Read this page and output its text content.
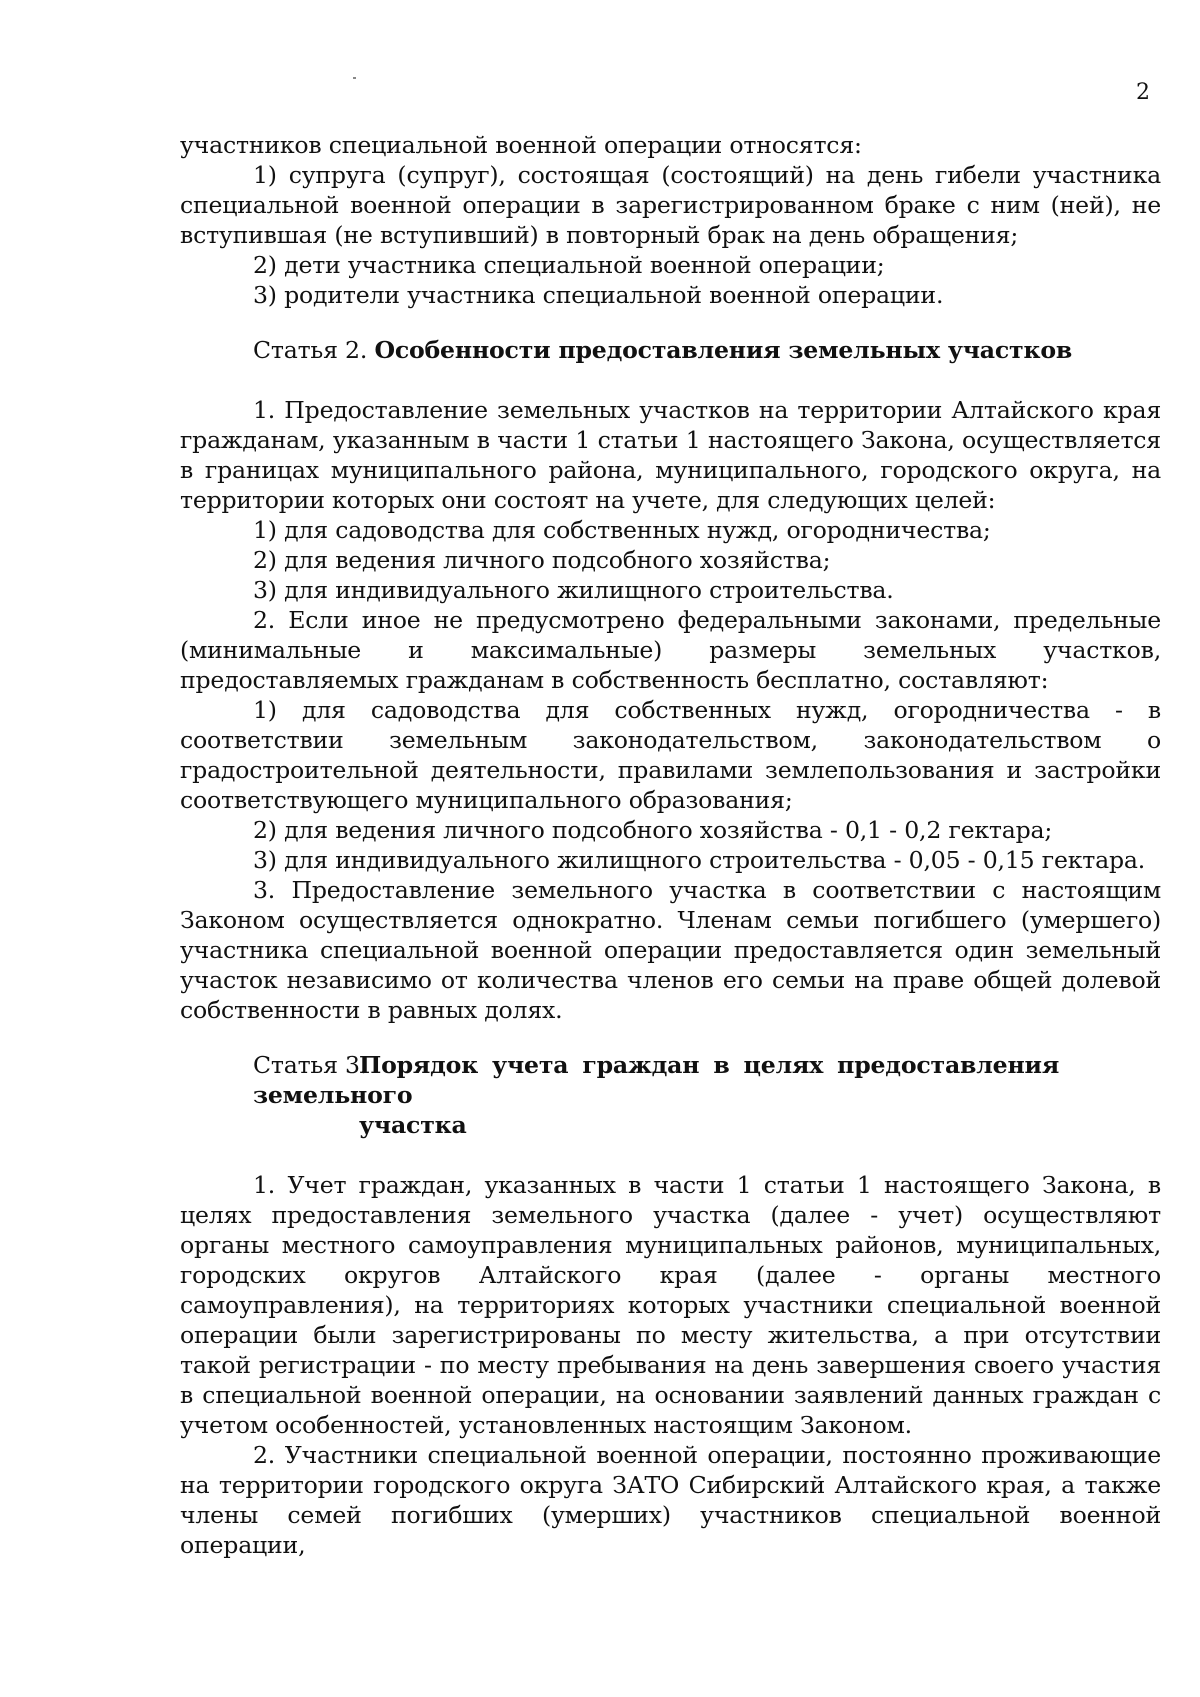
2

участников специальной военной операции относятся:

1) супруга (супруг), состоящая (состоящий) на день гибели участника специальной военной операции в зарегистрированном браке с ним (ней), не вступившая (не вступивший) в повторный брак на день обращения;

2) дети участника специальной военной операции;

3) родители участника специальной военной операции.

Статья 2. Особенности предоставления земельных участков

1. Предоставление земельных участков на территории Алтайского края гражданам, указанным в части 1 статьи 1 настоящего Закона, осуществляется в границах муниципального района, муниципального, городского округа, на территории которых они состоят на учете, для следующих целей:

1) для садоводства для собственных нужд, огородничества;

2) для ведения личного подсобного хозяйства;

3) для индивидуального жилищного строительства.

2. Если иное не предусмотрено федеральными законами, предельные (минимальные и максимальные) размеры земельных участков, предоставляемых гражданам в собственность бесплатно, составляют:

1) для садоводства для собственных нужд, огородничества - в соответствии земельным законодательством, законодательством о градостроительной деятельности, правилами землепользования и застройки соответствующего муниципального образования;

2) для ведения личного подсобного хозяйства - 0,1 - 0,2 гектара;

3) для индивидуального жилищного строительства - 0,05 - 0,15 гектара.

3. Предоставление земельного участка в соответствии с настоящим Законом осуществляется однократно. Членам семьи погибшего (умершего) участника специальной военной операции предоставляется один земельный участок независимо от количества членов его семьи на праве общей долевой собственности в равных долях.

Статья 3.Порядок учета граждан в целях предоставления земельного
участка

1. Учет граждан, указанных в части 1 статьи 1 настоящего Закона, в целях предоставления земельного участка (далее - учет) осуществляют органы местного самоуправления муниципальных районов, муниципальных, городских округов Алтайского края (далее - органы местного самоуправления), на территориях которых участники специальной военной операции были зарегистрированы по месту жительства, а при отсутствии такой регистрации - по месту пребывания на день завершения своего участия в специальной военной операции, на основании заявлений данных граждан с учетом особенностей, установленных настоящим Законом.

2. Участники специальной военной операции, постоянно проживающие на территории городского округа ЗАТО Сибирский Алтайского края, а также члены семей погибших (умерших) участников специальной военной операции,
